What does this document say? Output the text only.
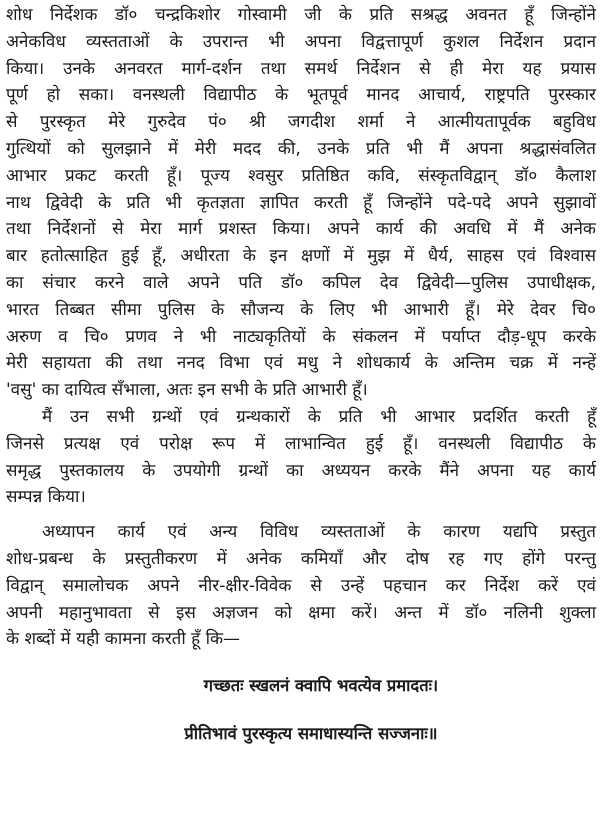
शोध निर्देशक डॉ० चन्द्रकिशोर गोस्वामी जी के प्रति सश्रद्ध अवनत हूँ जिन्होंने
अनेकविध व्यस्तताओं के उपरान्त भी अपना विद्वत्तापूर्ण कुशल निर्देशन प्रदान
किया। उनके अनवरत मार्ग-दर्शन तथा समर्थ निर्देशन से ही मेरा यह प्रयास
पूर्ण हो सका। वनस्थली विद्यापीठ के भूतपूर्व मानद आचार्य, राष्ट्रपति पुरस्कार
से पुरस्कृत मेरे गुरुदेव पं० श्री जगदीश शर्मा ने आत्मीयतापूर्वक बहुविध
गुत्थियों को सुलझाने में मेरी मदद की, उनके प्रति भी मैं अपना श्रद्धासंवलित
आभार प्रकट करती हूँ। पूज्य श्वसुर प्रतिष्ठित कवि, संस्कृतविद्वान् डॉ० कैलाश
नाथ द्विवेदी के प्रति भी कृतज्ञता ज्ञापित करती हूँ जिन्होंने पदे-पदे अपने सुझावों
तथा निर्देशनों से मेरा मार्ग प्रशस्त किया। अपने कार्य की अवधि में मैं अनेक
बार हतोत्साहित हुई हूँ, अधीरता के इन क्षणों में मुझ में धैर्य, साहस एवं विश्वास
का संचार करने वाले अपने पति डॉ० कपिल देव द्विवेदी—पुलिस उपाधीक्षक,
भारत तिब्बत सीमा पुलिस के सौजन्य के लिए भी आभारी हूँ। मेरे देवर चि०
अरुण व चि० प्रणव ने भी नाट्यकृतियों के संकलन में पर्याप्त दौड़-धूप करके
मेरी सहायता की तथा ननद विभा एवं मधु ने शोधकार्य के अन्तिम चक्र में नन्हें
'वसु' का दायित्व सँभाला, अतः इन सभी के प्रति आभारी हूँ।

मैं उन सभी ग्रन्थों एवं ग्रन्थकारों के प्रति भी आभार प्रदर्शित करती हूँ
जिनसे प्रत्यक्ष एवं परोक्ष रूप में लाभान्वित हुई हूँ। वनस्थली विद्यापीठ के
समृद्ध पुस्तकालय के उपयोगी ग्रन्थों का अध्ययन करके मैंने अपना यह कार्य
सम्पन्न किया।

अध्यापन कार्य एवं अन्य विविध व्यस्तताओं के कारण यद्यपि प्रस्तुत
शोध-प्रबन्ध के प्रस्तुतीकरण में अनेक कमियाँ और दोष रह गए होंगे परन्तु
विद्वान् समालोचक अपने नीर-क्षीर-विवेक से उन्हें पहचान कर निर्देश करें एवं
अपनी महानुभावता से इस अज्ञजन को क्षमा करें। अन्त में डॉ० नलिनी शुक्ला
के शब्दों में यही कामना करती हूँ कि—

गच्छतः स्खलनं क्वापि भवत्येव प्रमादतः।

प्रीतिभावं पुरस्कृत्य समाधास्यन्ति सज्जनाः॥
